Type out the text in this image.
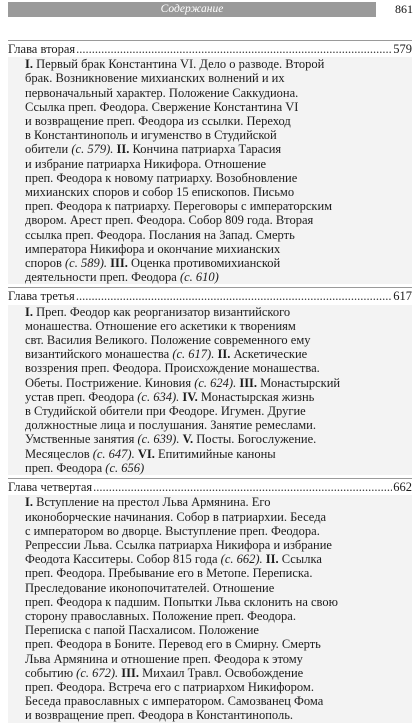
Содержание	861
Глава вторая .....	579
I. Первый брак Константина VI. Дело о разводе. Второй
брак. Возникновение михианских волнений и их
первоначальный характер. Положение Саккудиона.
Ссылка преп. Феодора. Свержение Константина VI
и возвращение преп. Феодора из ссылки. Переход
в Константинополь и игуменство в Студийской
обители (с. 579). II. Кончина патриарха Тарасия
и избрание патриарха Никифора. Отношение
преп. Феодора к новому патриарху. Возобновление
михианских споров и собор 15 епископов. Письмо
преп. Феодора к патриарху. Переговоры с императорским
двором. Арест преп. Феодора. Собор 809 года. Вторая
ссылка преп. Феодора. Послания на Запад. Смерть
императора Никифора и окончание михианских
споров (с. 589). III. Оценка противомихианской
деятельности преп. Феодора (с. 610)
Глава третья .....	617
I. Преп. Феодор как реорганизатор византийского
монашества. Отношение его аскетики к творениям
свт. Василия Великого. Положение современного ему
византийского монашества (с. 617). II. Аскетические
воззрения преп. Феодора. Происхождение монашества.
Обеты. Пострижение. Киновия (с. 624). III. Монастырский
устав преп. Феодора (с. 634). IV. Монастырская жизнь
в Студийской обители при Феодоре. Игумен. Другие
должностные лица и послушания. Занятие ремеслами.
Умственные занятия (с. 639). V. Посты. Богослужение.
Месяцеслов (с. 647). VI. Епитимийные каноны
преп. Феодора (с. 656)
Глава четвертая .....	662
I. Вступление на престол Льва Армянина. Его
иконоборческие начинания. Собор в патриархии. Беседа
с императором во дворце. Выступление преп. Феодора.
Репрессии Льва. Ссылка патриарха Никифора и избрание
Феодота Касситеры. Собор 815 года (с. 662). II. Ссылка
преп. Феодора. Пребывание его в Метопе. Переписка.
Преследование иконопочитателей. Отношение
преп. Феодора к падшим. Попытки Льва склонить на свою
сторону православных. Положение преп. Феодора.
Переписка с папой Пасхалисом. Положение
преп. Феодора в Боните. Перевод его в Смирну. Смерть
Льва Армянина и отношение преп. Феодора к этому
событию (с. 672). III. Михаил Травл. Освобождение
преп. Феодора. Встреча его с патриархом Никифором.
Беседа православных с императором. Самозванец Фома
и возвращение преп. Феодора в Константинополь.
